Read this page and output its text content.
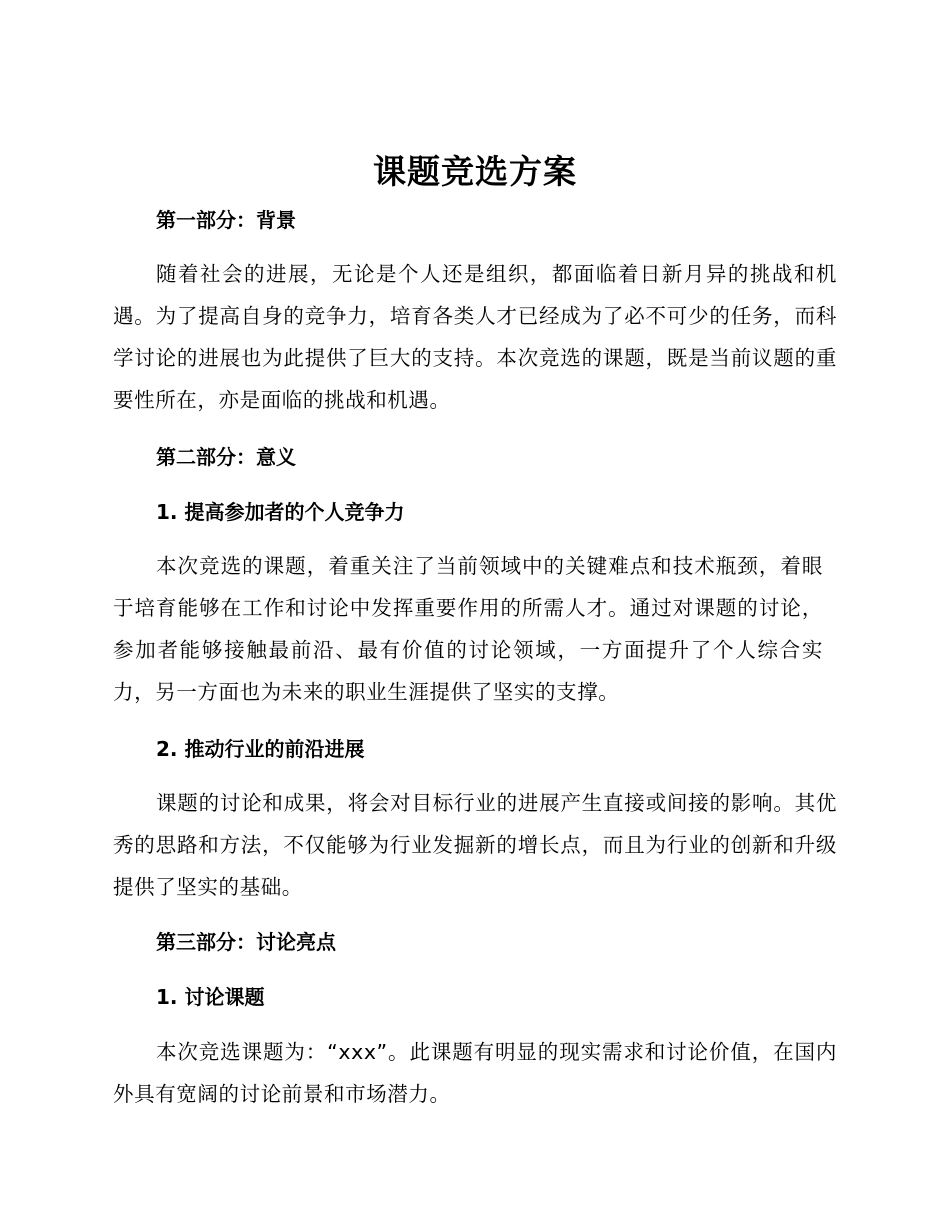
课题竞选方案
第一部分：背景
随着社会的进展，无论是个人还是组织，都面临着日新月异的挑战和机遇。为了提高自身的竞争力，培育各类人才已经成为了必不可少的任务，而科学讨论的进展也为此提供了巨大的支持。本次竞选的课题，既是当前议题的重要性所在，亦是面临的挑战和机遇。
第二部分：意义
1. 提高参加者的个人竞争力
本次竞选的课题，着重关注了当前领域中的关键难点和技术瓶颈，着眼于培育能够在工作和讨论中发挥重要作用的所需人才。通过对课题的讨论，参加者能够接触最前沿、最有价值的讨论领域，一方面提升了个人综合实力，另一方面也为未来的职业生涯提供了坚实的支撑。
2. 推动行业的前沿进展
课题的讨论和成果，将会对目标行业的进展产生直接或间接的影响。其优秀的思路和方法，不仅能够为行业发掘新的增长点，而且为行业的创新和升级提供了坚实的基础。
第三部分：讨论亮点
1. 讨论课题
本次竞选课题为：“xxx”。此课题有明显的现实需求和讨论价值，在国内外具有宽阔的讨论前景和市场潜力。
